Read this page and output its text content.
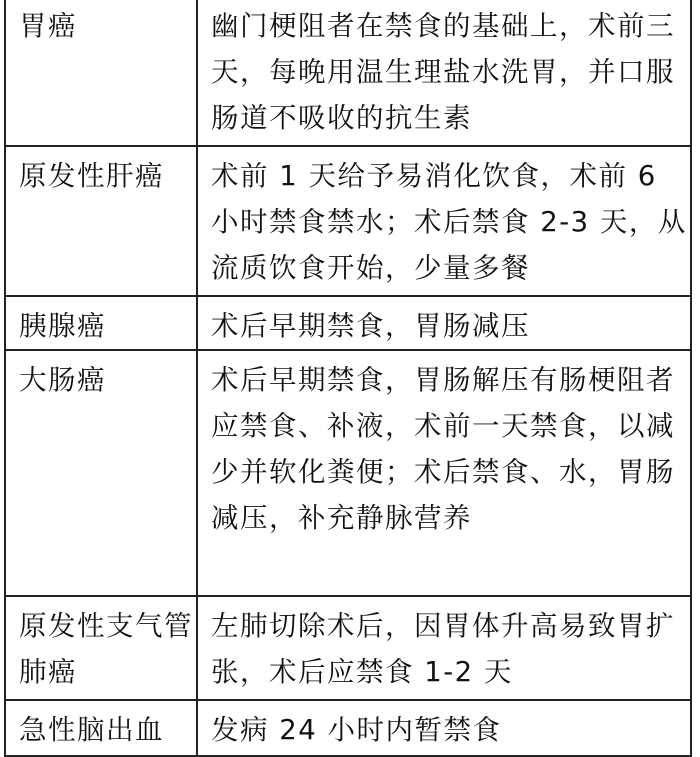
胃癌	幽门梗阻者在禁食的基础上，术前三天，每晚用温生理盐水洗胃，并口服肠道不吸收的抗生素
原发性肝癌	术前 1 天给予易消化饮食，术前 6 小时禁食禁水；术后禁食 2-3 天，从流质饮食开始，少量多餐
胰腺癌	术后早期禁食，胃肠减压
大肠癌	术后早期禁食，胃肠解压有肠梗阻者应禁食、补液，术前一天禁食，以减少并软化粪便；术后禁食、水，胃肠减压，补充静脉营养
原发性支气管肺癌	左肺切除术后，因胃体升高易致胃扩张，术后应禁食 1-2 天
急性脑出血	发病 24 小时内暂禁食
